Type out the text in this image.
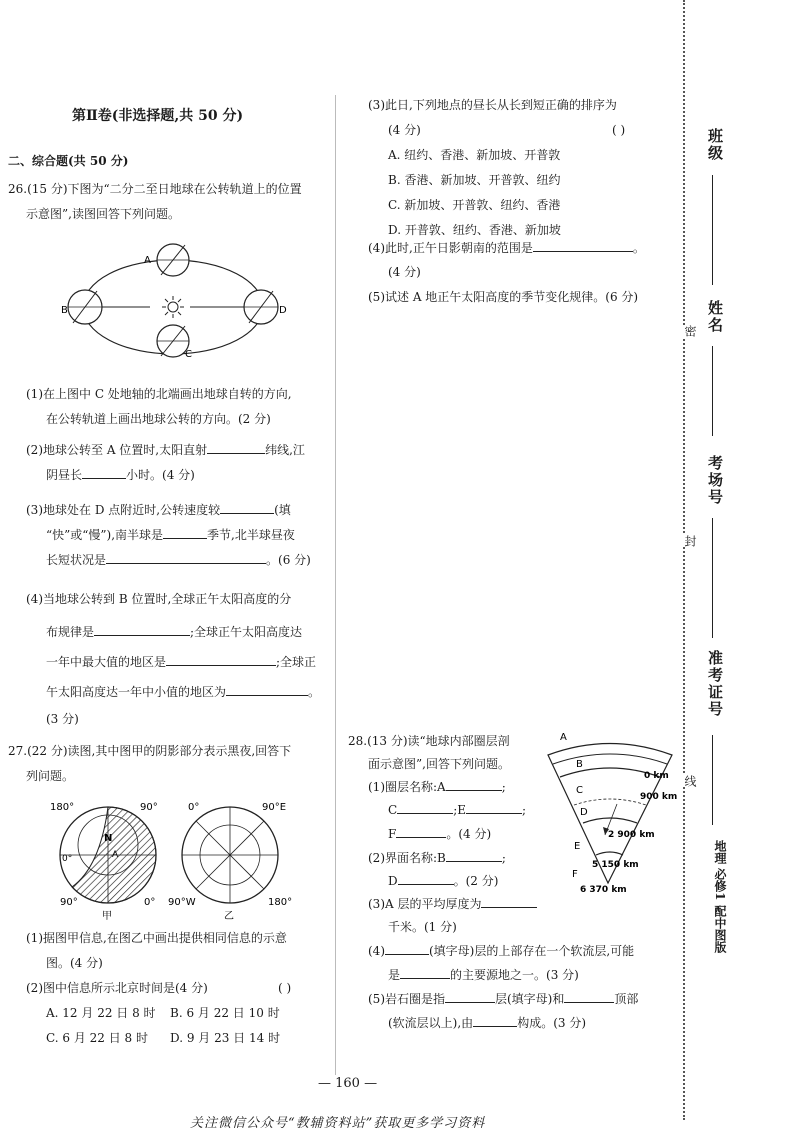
第Ⅱ卷(非选择题,共 50 分)
二、综合题(共 50 分)
26.(15 分)下图为“二分二至日地球在公转轨道上的位置
示意图”,读图回答下列问题。
A
B
C
D
(1)在上图中 C 处地轴的北端画出地球自转的方向,
在公转轨道上画出地球公转的方向。(2 分)
(2)地球公转至 A 位置时,太阳直射	纬线,江
阴昼长	小时。(4 分)
(3)地球处在 D 点附近时,公转速度较	(填
“快”或“慢”),南半球是	季节,北半球昼夜
长短状况是	。(6 分)
(4)当地球公转到 B 位置时,全球正午太阳高度的分
布规律是	;全球正午太阳高度达
一年中最大值的地区是	;全球正
午太阳高度达一年中小值的地区为	。
(3 分)
27.(22 分)读图,其中图甲的阴影部分表示黑夜,回答下
列问题。
180°	90°
N
A
0°
90°	0°
甲
0°	90°E
90°W	180°
乙
(1)据图甲信息,在图乙中画出提供相同信息的示意
图。(4 分)
(2)图中信息所示北京时间是(4 分)	( )
A. 12 月 22 日 8 时 B. 6 月 22 日 10 时
C. 6 月 22 日 8 时 D. 9 月 23 日 14 时
(3)此日,下列地点的昼长从长到短正确的排序为
(4 分)	( )
A. 纽约、香港、新加坡、开普敦
B. 香港、新加坡、开普敦、纽约
C. 新加坡、开普敦、纽约、香港
D. 开普敦、纽约、香港、新加坡
(4)此时,正午日影朝南的范围是	。
(4 分)
(5)试述 A 地正午太阳高度的季节变化规律。(6 分)
28.(13 分)读“地球内部圈层剖
面示意图”,回答下列问题。
A
B
C
D
E
F
0 km
900 km
2 900 km
5 150 km
6 370 km
(1)圈层名称:A	;
C	;E	;
F	。(4 分)
(2)界面名称:B	;
D	。(2 分)
(3)A 层的平均厚度为
千米。(1 分)
(4)	(填字母)层的上部存在一个软流层,可能
是	的主要源地之一。(3 分)
(5)岩石圈是指	层(填字母)和	顶部
(软流层以上),由	构成。(3 分)
— 160 —
关注微信公众号“教辅资料站”获取更多学习资料
班级
姓名
考场号
准考证号
密
封
线
地理 必修1 配中图版
